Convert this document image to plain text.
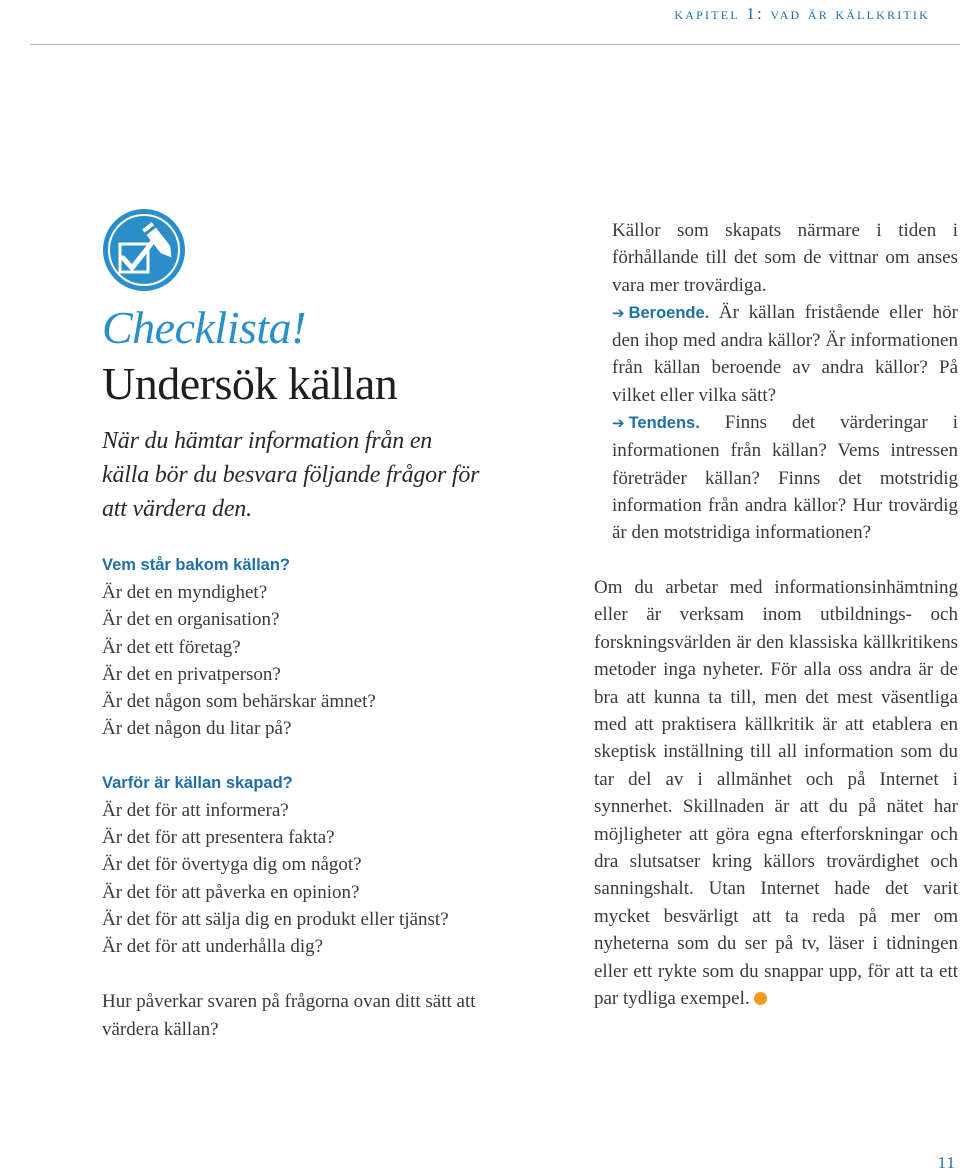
kapitel 1: vad är källkritik
Checklista!
Undersök källan

När du hämtar information från en källa bör du besvara följande frågor för att värdera den.

Vem står bakom källan?
Är det en myndighet?
Är det en organisation?
Är det ett företag?
Är det en privatperson?
Är det någon som behärskar ämnet?
Är det någon du litar på?
Varför är källan skapad?
Är det för att informera?
Är det för att presentera fakta?
Är det för övertyga dig om något?
Är det för att påverka en opinion?
Är det för att sälja dig en produkt eller tjänst?
Är det för att underhålla dig?

Hur påverkar svaren på frågorna ovan ditt sätt att värdera källan?

Källor som skapats närmare i tiden i förhållande till det som de vittnar om anses vara mer trovärdiga.

➔ Beroende. Är källan fristående eller hör den ihop med andra källor? Är informationen från källan beroende av andra källor? På vilket eller vilka sätt?

➔ Tendens. Finns det värderingar i informationen från källan? Vems intressen företräder källan? Finns det motstridig information från andra källor? Hur trovärdig är den motstridiga informationen?

Om du arbetar med informationsinhämtning eller är verksam inom utbildnings- och forskningsvärlden är den klassiska källkritikens metoder inga nyheter. För alla oss andra är de bra att kunna ta till, men det mest väsentliga med att praktisera källkritik är att etablera en skeptisk inställning till all information som du tar del av i allmänhet och på Internet i synnerhet. Skillnaden är att du på nätet har möjligheter att göra egna efterforskningar och dra slutsatser kring källors trovärdighet och sanningshalt. Utan Internet hade det varit mycket besvärligt att ta reda på mer om nyheterna som du ser på tv, läser i tidningen eller ett rykte som du snappar upp, för att ta ett par tydliga exempel.

11
